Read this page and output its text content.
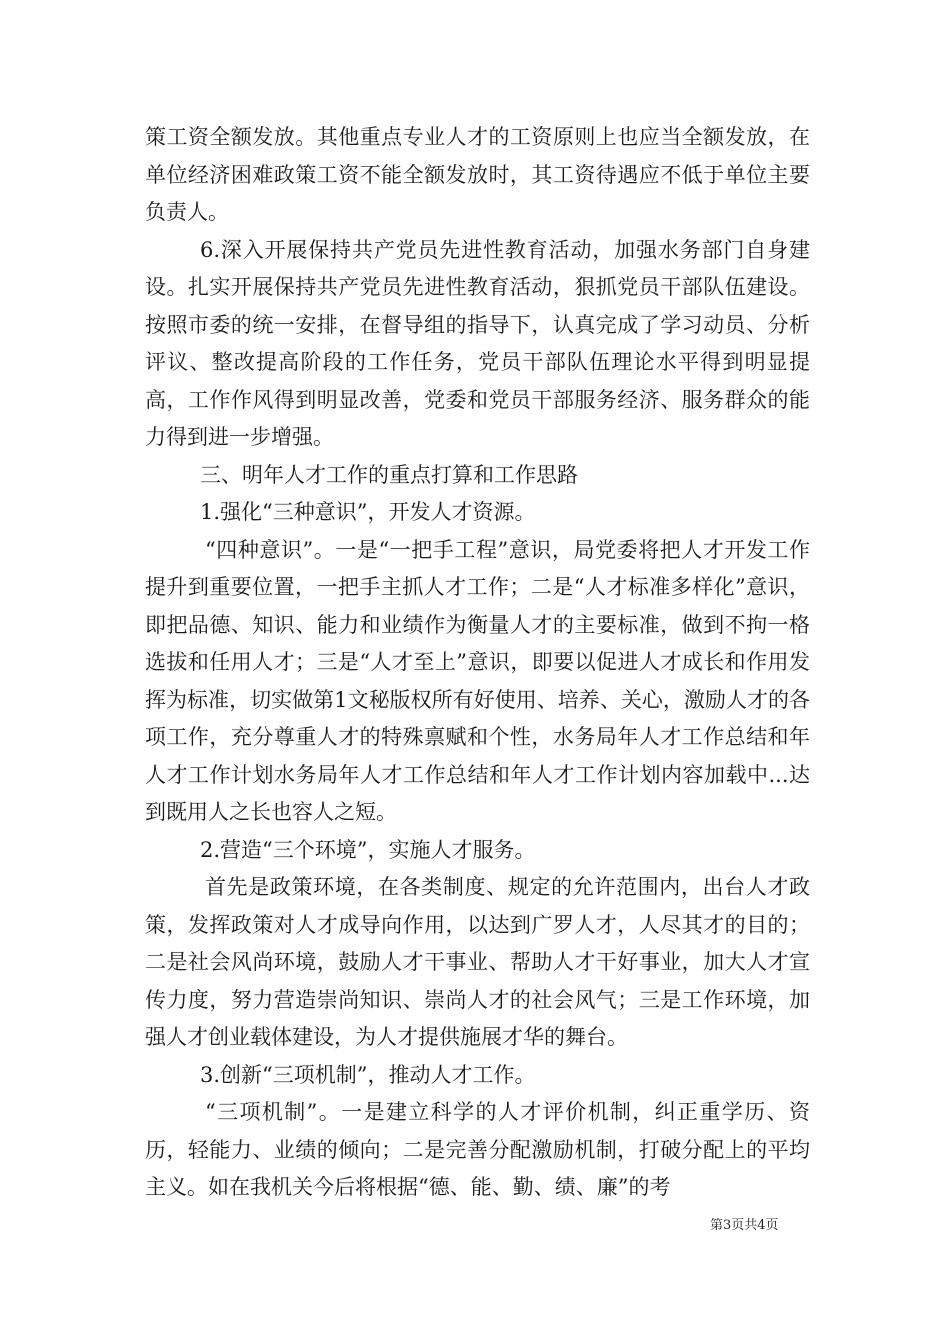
策工资全额发放。其他重点专业人才的工资原则上也应当全额发放，在单位经济困难政策工资不能全额发放时，其工资待遇应不低于单位主要负责人。

6.深入开展保持共产党员先进性教育活动，加强水务部门自身建设。扎实开展保持共产党员先进性教育活动，狠抓党员干部队伍建设。按照市委的统一安排，在督导组的指导下，认真完成了学习动员、分析评议、整改提高阶段的工作任务，党员干部队伍理论水平得到明显提高，工作作风得到明显改善，党委和党员干部服务经济、服务群众的能力得到进一步增强。

三、明年人才工作的重点打算和工作思路

1.强化“三种意识”，开发人才资源。

“四种意识”。一是“一把手工程”意识，局党委将把人才开发工作提升到重要位置，一把手主抓人才工作；二是“人才标准多样化”意识，即把品德、知识、能力和业绩作为衡量人才的主要标准，做到不拘一格选拔和任用人才；三是“人才至上”意识，即要以促进人才成长和作用发挥为标准，切实做第1文秘版权所有好使用、培养、关心，激励人才的各项工作，充分尊重人才的特殊禀赋和个性，水务局年人才工作总结和年人才工作计划水务局年人才工作总结和年人才工作计划内容加载中...达到既用人之长也容人之短。

2.营造“三个环境”，实施人才服务。

首先是政策环境，在各类制度、规定的允许范围内，出台人才政策，发挥政策对人才成导向作用，以达到广罗人才，人尽其才的目的；二是社会风尚环境，鼓励人才干事业、帮助人才干好事业，加大人才宣传力度，努力营造崇尚知识、崇尚人才的社会风气；三是工作环境，加强人才创业载体建设，为人才提供施展才华的舞台。

3.创新“三项机制”，推动人才工作。

“三项机制”。一是建立科学的人才评价机制，纠正重学历、资历，轻能力、业绩的倾向；二是完善分配激励机制，打破分配上的平均主义。如在我机关今后将根据“德、能、勤、绩、廉”的考

第3页共4页
